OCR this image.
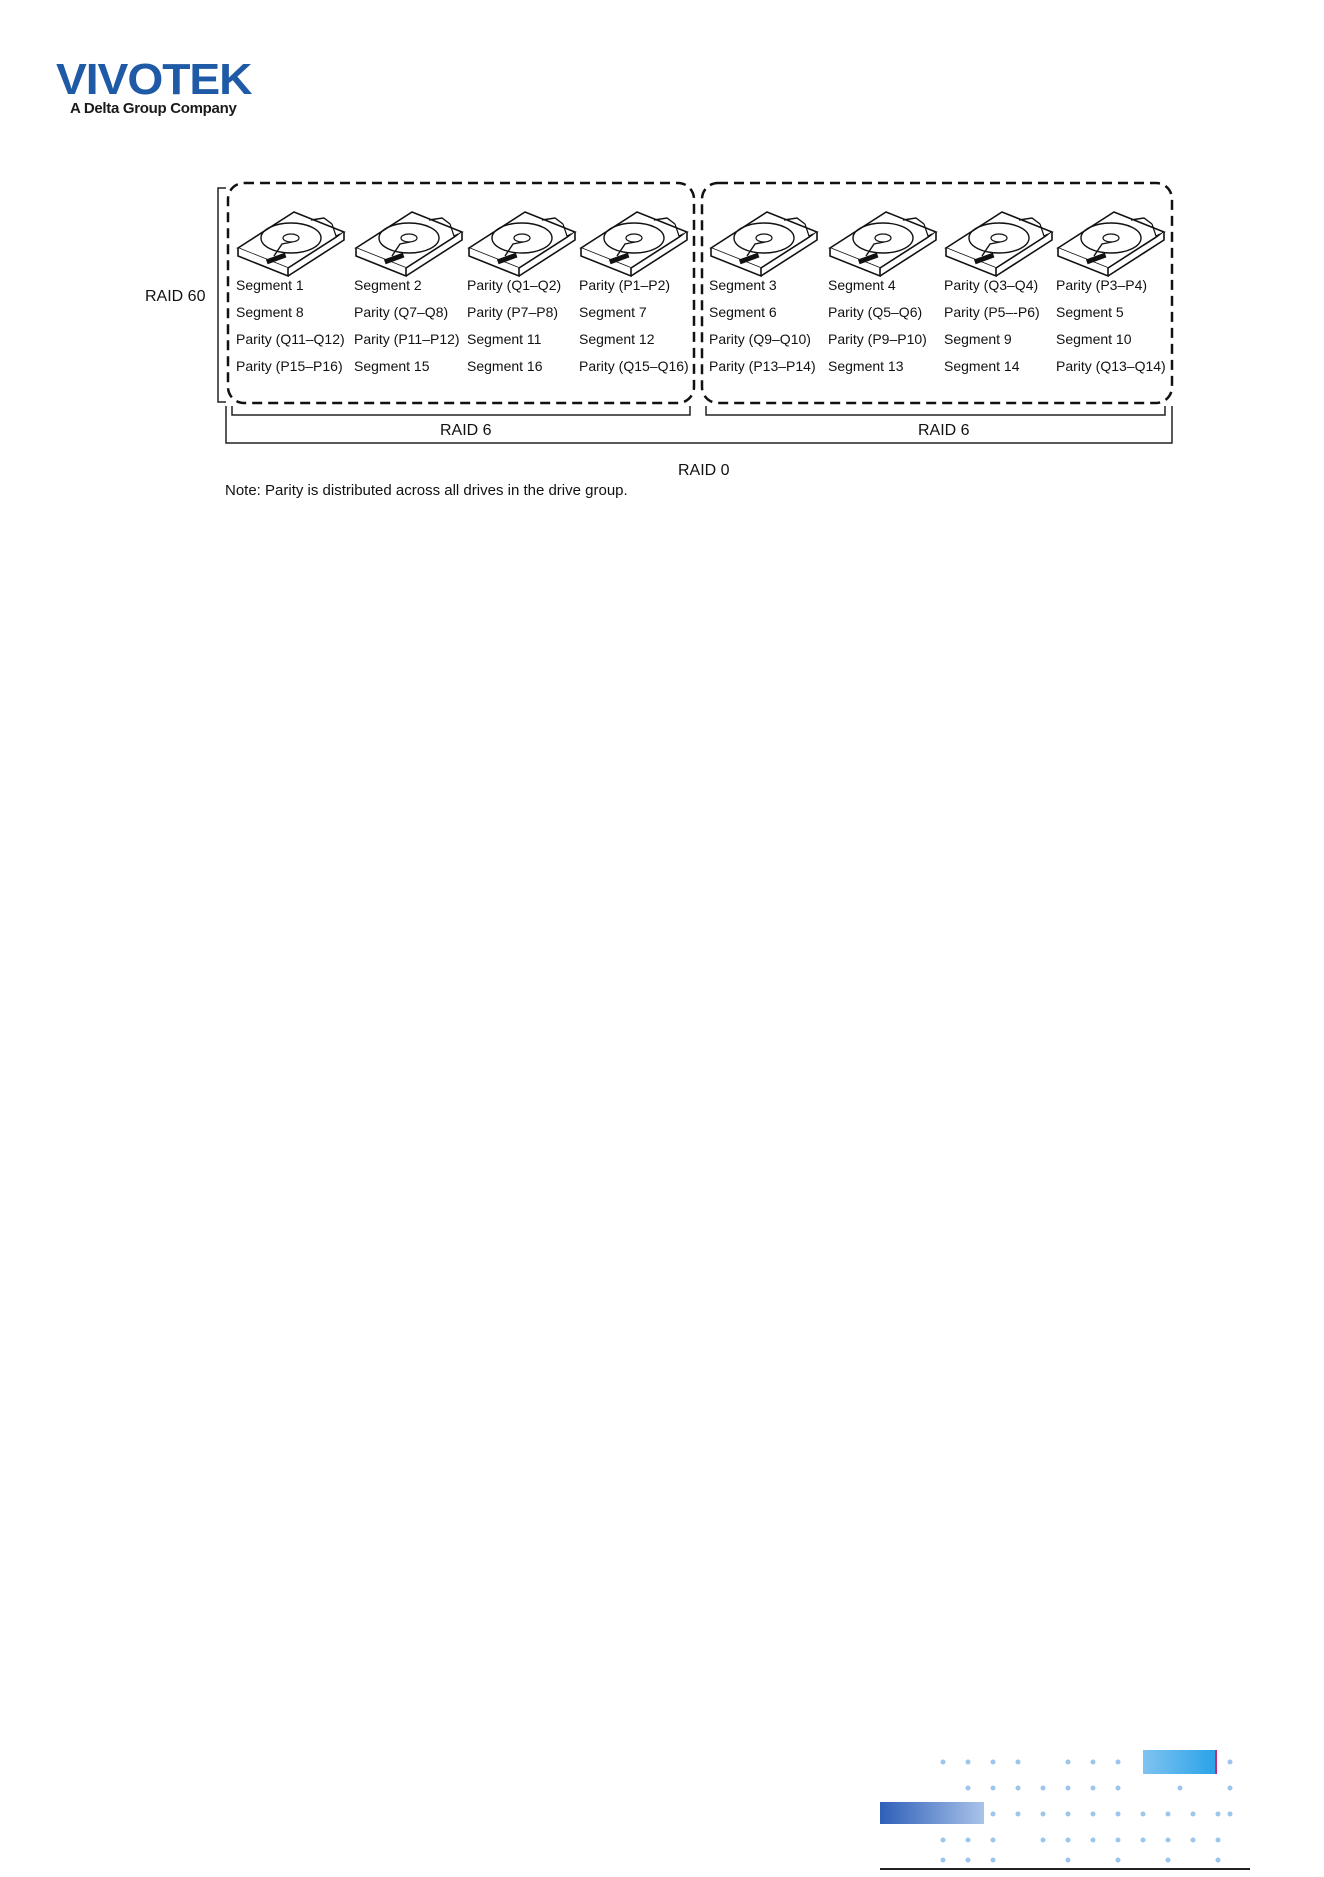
VIVOTEK
A Delta Group Company
RAID 60
RAID 6	RAID 6
RAID 0
Note: Parity is distributed across all drives in the drive group.
Segment 1
Segment 8
Parity (Q11–Q12)
Parity (P15–P16)
Segment 2
Parity (Q7–Q8)
Parity (P11–P12)
Segment 15
Parity (Q1–Q2)
Parity (P7–P8)
Segment 11
Segment 16
Parity (P1–P2)
Segment 7
Segment 12
Parity (Q15–Q16)
Segment 3
Segment 6
Parity (Q9–Q10)
Parity (P13–P14)
Segment 4
Parity (Q5–Q6)
Parity (P9–P10)
Segment 13
Parity (Q3–Q4)
Parity (P5–-P6)
Segment 9
Segment 14
Parity (P3–P4)
Segment 5
Segment 10
Parity (Q13–Q14)
